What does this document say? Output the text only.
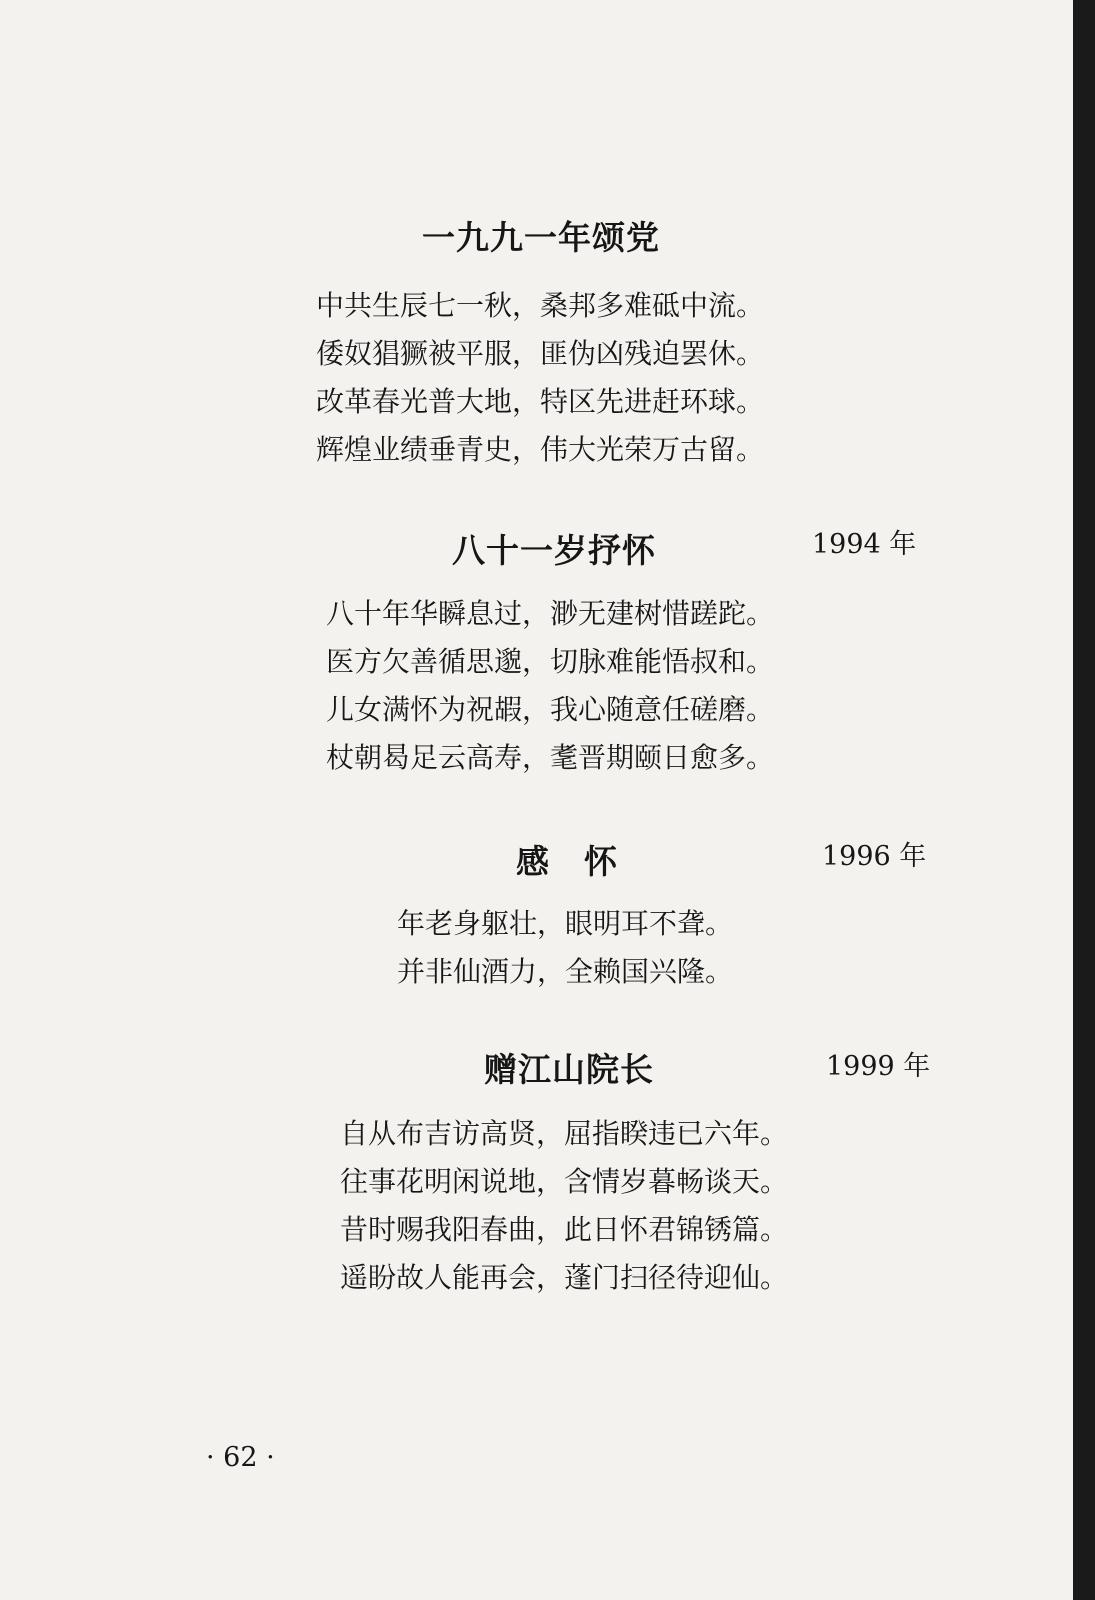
一九九一年颂党
中共生辰七一秋，桑邦多难砥中流。
倭奴猖獗被平服，匪伪凶残迫罢休。
改革春光普大地，特区先进赶环球。
辉煌业绩垂青史，伟大光荣万古留。
八十一岁抒怀	1994 年
八十年华瞬息过，渺无建树惜蹉跎。
医方欠善循思邈，切脉难能悟叔和。
儿女满怀为祝嘏，我心随意任磋磨。
杖朝曷足云高寿，耄晋期颐日愈多。
感　怀	1996 年
年老身躯壮，眼明耳不聋。
并非仙酒力，全赖国兴隆。
赠江山院长	1999 年
自从布吉访高贤，屈指睽违已六年。
往事花明闲说地，含情岁暮畅谈天。
昔时赐我阳春曲，此日怀君锦锈篇。
遥盼故人能再会，蓬门扫径待迎仙。
· 62 ·
